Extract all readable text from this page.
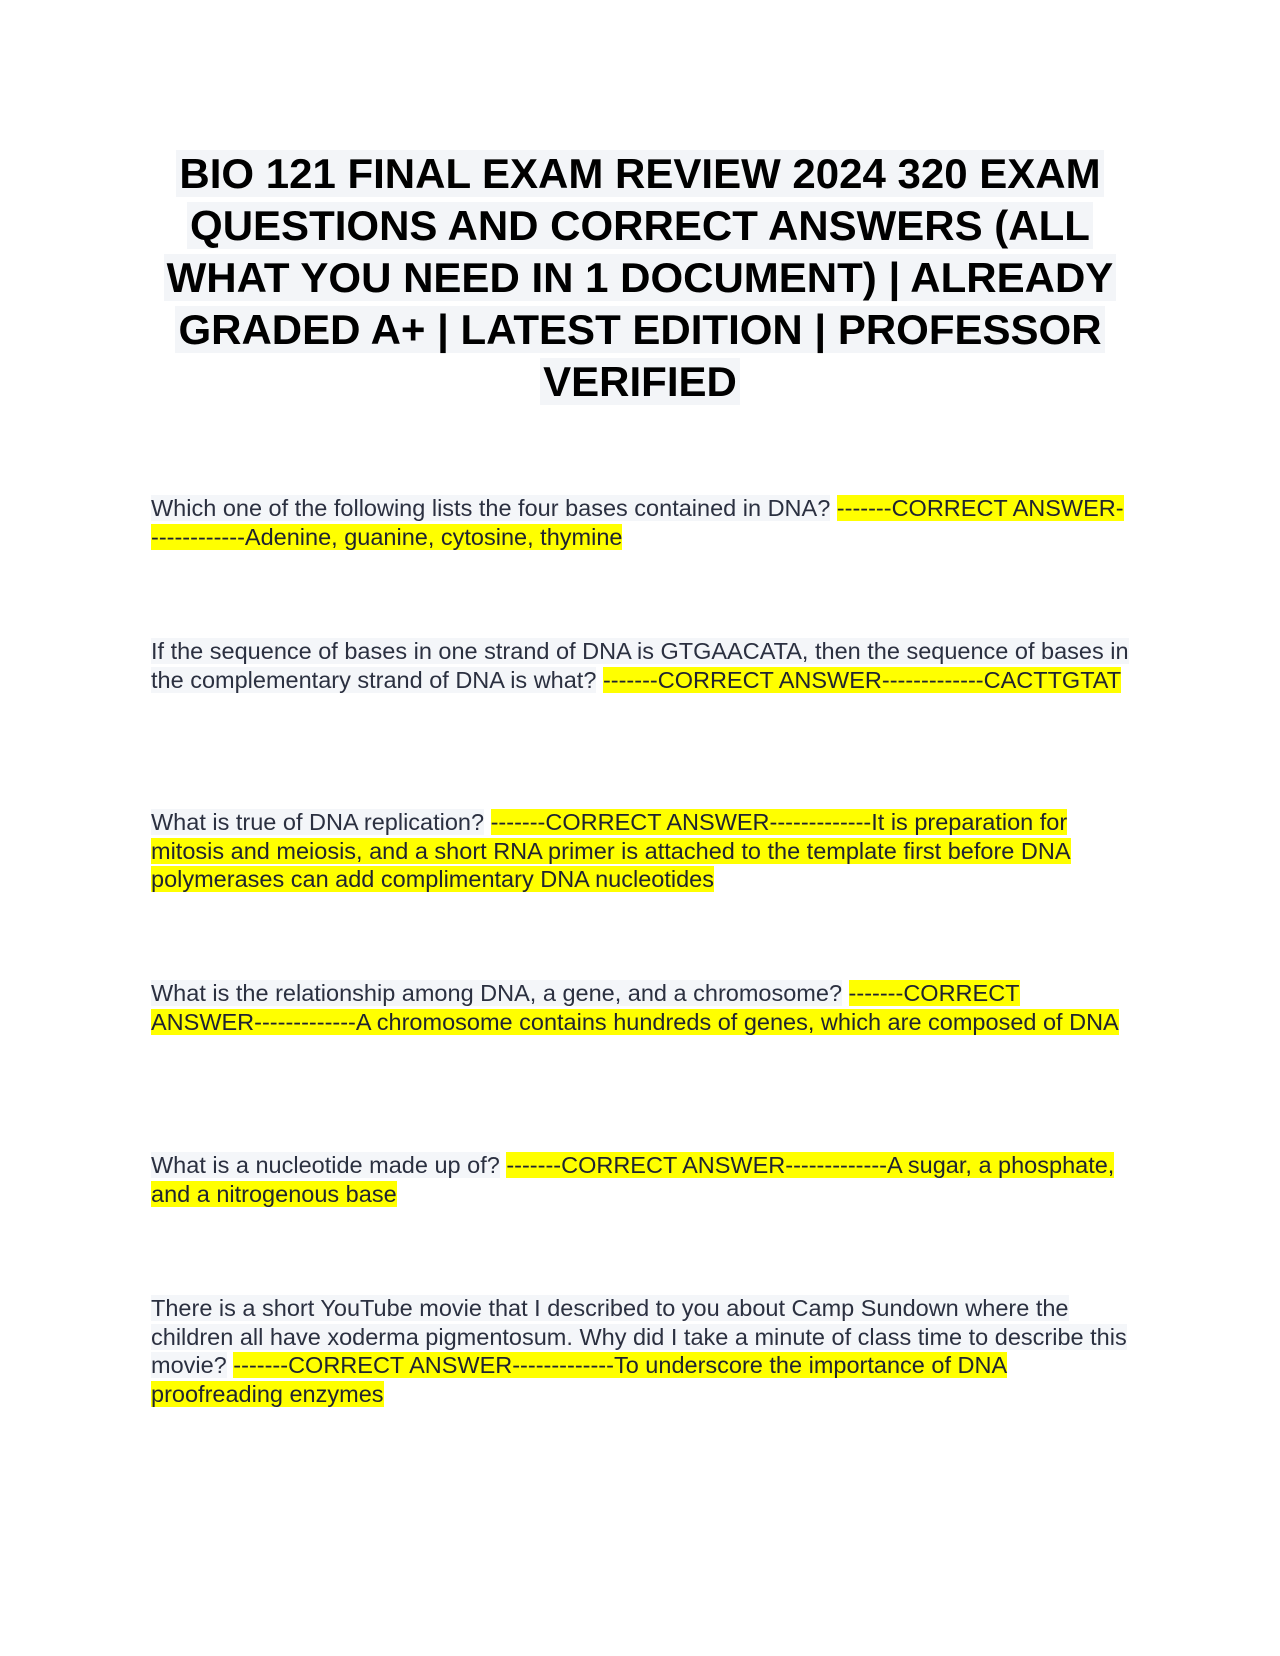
BIO 121 FINAL EXAM REVIEW 2024 320 EXAM QUESTIONS AND CORRECT ANSWERS (ALL WHAT YOU NEED IN 1 DOCUMENT) | ALREADY GRADED A+ | LATEST EDITION | PROFESSOR VERIFIED
Which one of the following lists the four bases contained in DNA? -------CORRECT ANSWER-------------Adenine, guanine, cytosine, thymine
If the sequence of bases in one strand of DNA is GTGAACATA, then the sequence of bases in the complementary strand of DNA is what? -------CORRECT ANSWER-------------CACTTGTAT
What is true of DNA replication? -------CORRECT ANSWER-------------It is preparation for mitosis and meiosis, and a short RNA primer is attached to the template first before DNA polymerases can add complimentary DNA nucleotides
What is the relationship among DNA, a gene, and a chromosome? -------CORRECT ANSWER-------------A chromosome contains hundreds of genes, which are composed of DNA
What is a nucleotide made up of? -------CORRECT ANSWER-------------A sugar, a phosphate, and a nitrogenous base
There is a short YouTube movie that I described to you about Camp Sundown where the children all have xoderma pigmentosum. Why did I take a minute of class time to describe this movie? -------CORRECT ANSWER-------------To underscore the importance of DNA proofreading enzymes
